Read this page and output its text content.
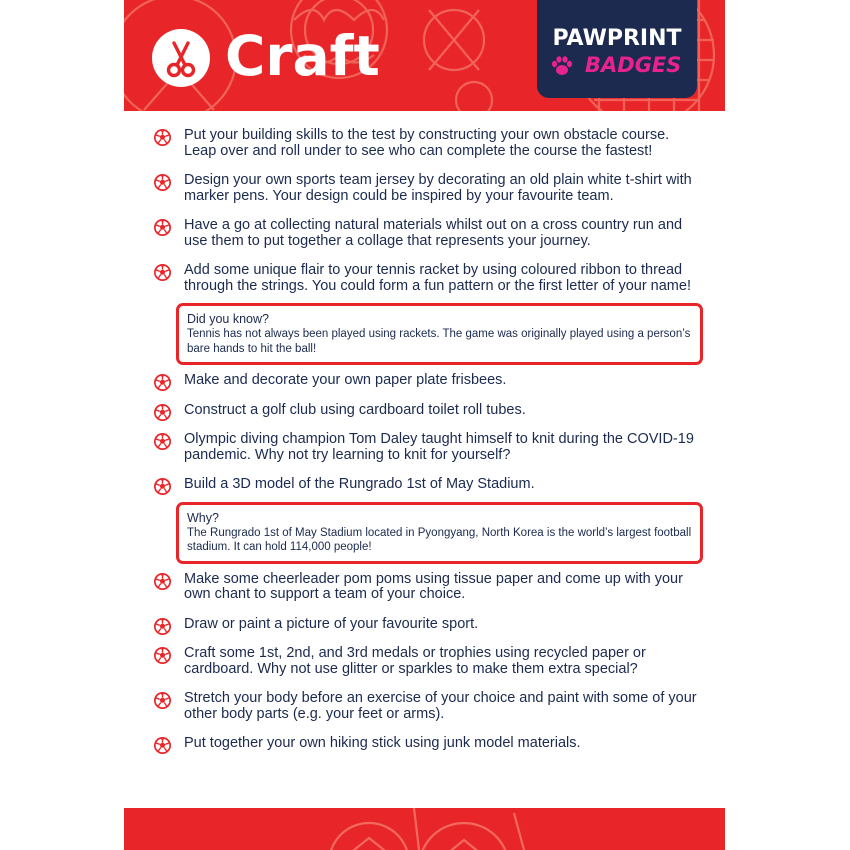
Craft	PAWPRINT
BADGES
Put your building skills to the test by constructing your own obstacle course. Leap over and roll under to see who can complete the course the fastest!
Design your own sports team jersey by decorating an old plain white t-shirt with marker pens. Your design could be inspired by your favourite team.
Have a go at collecting natural materials whilst out on a cross country run and use them to put together a collage that represents your journey.
Add some unique flair to your tennis racket by using coloured ribbon to thread through the strings. You could form a fun pattern or the first letter of your name!
Did you know?
Tennis has not always been played using rackets. The game was originally played using a person’s bare hands to hit the ball!
Make and decorate your own paper plate frisbees.
Construct a golf club using cardboard toilet roll tubes.
Olympic diving champion Tom Daley taught himself to knit during the COVID-19 pandemic. Why not try learning to knit for yourself?
Build a 3D model of the Rungrado 1st of May Stadium.
Why?
The Rungrado 1st of May Stadium located in Pyongyang, North Korea is the world’s largest football stadium. It can hold 114,000 people!
Make some cheerleader pom poms using tissue paper and come up with your own chant to support a team of your choice.
Draw or paint a picture of your favourite sport.
Craft some 1st, 2nd, and 3rd medals or trophies using recycled paper or cardboard. Why not use glitter or sparkles to make them extra special?
Stretch your body before an exercise of your choice and paint with some of your other body parts (e.g. your feet or arms).
Put together your own hiking stick using junk model materials.
